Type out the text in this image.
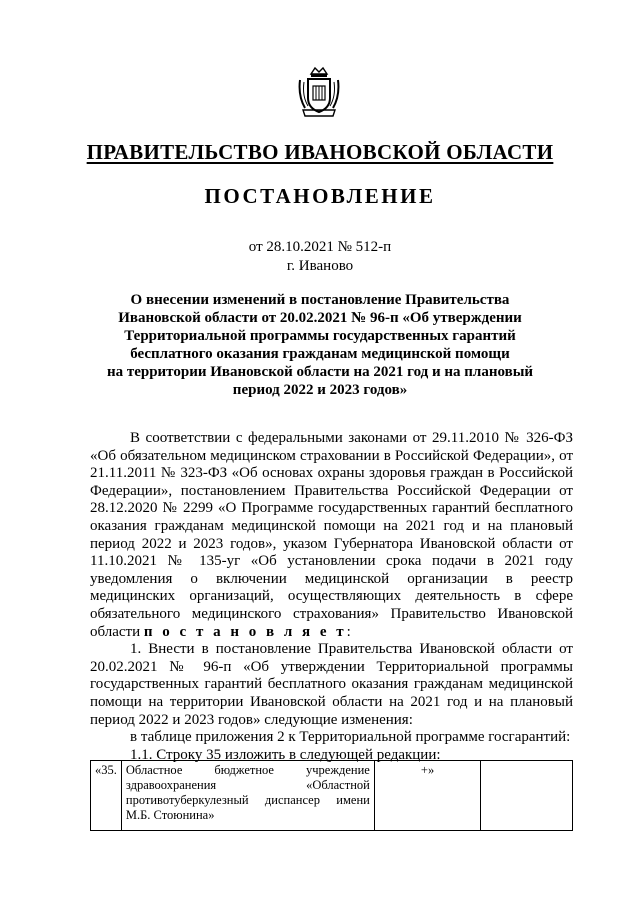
ПРАВИТЕЛЬСТВО ИВАНОВСКОЙ ОБЛАСТИ
ПОСТАНОВЛЕНИЕ
от 28.10.2021 № 512-п
г. Иваново
О внесении изменений в постановление Правительства
Ивановской области от 20.02.2021 № 96-п «Об утверждении
Территориальной программы государственных гарантий
бесплатного оказания гражданам медицинской помощи
на территории Ивановской области на 2021 год и на плановый
период 2022 и 2023 годов»

В соответствии с федеральными законами от 29.11.2010 № 326-ФЗ «Об обязательном медицинском страховании в Российской Федерации», от 21.11.2011 № 323-ФЗ «Об основах охраны здоровья граждан в Российской Федерации», постановлением Правительства Российской Федерации от 28.12.2020 № 2299 «О Программе государственных гарантий бесплатного оказания гражданам медицинской помощи на 2021 год и на плановый период 2022 и 2023 годов», указом Губернатора Ивановской области от 11.10.2021 № 135-уг «Об установлении срока подачи в 2021 году уведомления о включении медицинской организации в реестр медицинских организаций, осуществляющих деятельность в сфере обязательного медицинского страхования» Правительство Ивановской области п о с т а н о в л я е т:

1. Внести в постановление Правительства Ивановской области от 20.02.2021 № 96-п «Об утверждении Территориальной программы государственных гарантий бесплатного оказания гражданам медицинской помощи на территории Ивановской области на 2021 год и на плановый период 2022 и 2023 годов» следующие изменения:

в таблице приложения 2 к Территориальной программе госгарантий:

1.1. Строку 35 изложить в следующей редакции:

«35.	Областное бюджетное учреждение здравоохранения «Областной противотуберкулезный диспансер имени М.Б. Стоюнина»	+»	
